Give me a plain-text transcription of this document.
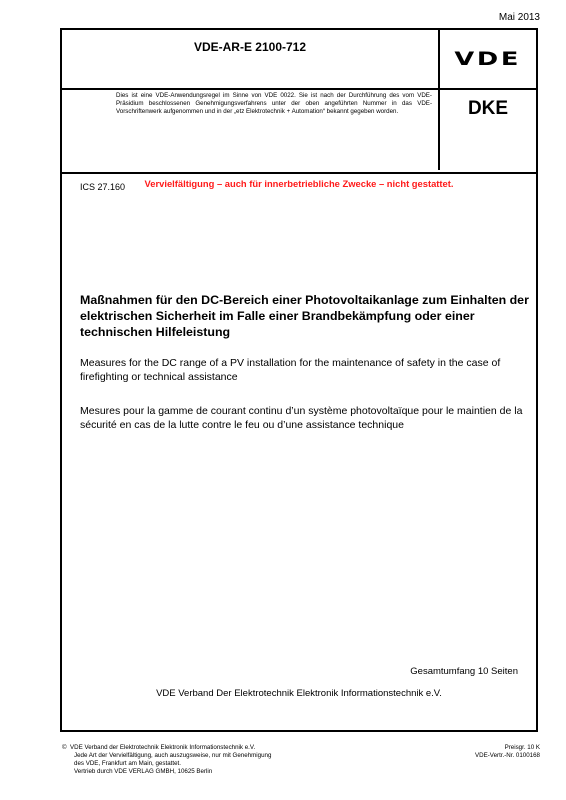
Mai 2013
VDE-AR-E 2100-712
VDE
Dies ist eine VDE-Anwendungsregel im Sinne von VDE 0022. Sie ist nach der Durchführung des vom VDE-Präsidium beschlossenen Genehmigungsverfahrens unter der oben angeführten Nummer in das VDE-Vorschriftenwerk aufgenommen und in der „etz Elektrotechnik + Automation“ bekannt gegeben worden.	DKE
Vervielfältigung – auch für innerbetriebliche Zwecke – nicht gestattet.
ICS 27.160
Maßnahmen für den DC-Bereich einer Photovoltaikanlage zum Einhalten der elektrischen Sicherheit im Falle einer Brandbekämpfung oder einer technischen Hilfeleistung
Measures for the DC range of a PV installation for the maintenance of safety in the case of firefighting or technical assistance
Mesures pour la gamme de courant continu d’un système photovoltaïque pour le maintien de la sécurité en cas de la lutte contre le feu ou d’une assistance technique
Gesamtumfang 10 Seiten
VDE Verband Der Elektrotechnik Elektronik Informationstechnik e.V.
© VDE Verband der Elektrotechnik Elektronik Informationstechnik e.V.
Jede Art der Vervielfältigung, auch auszugsweise, nur mit Genehmigung
des VDE, Frankfurt am Main, gestattet.
Vertrieb durch VDE VERLAG GMBH, 10625 Berlin
Preisgr. 10 K
VDE-Vertr.-Nr. 0100168
